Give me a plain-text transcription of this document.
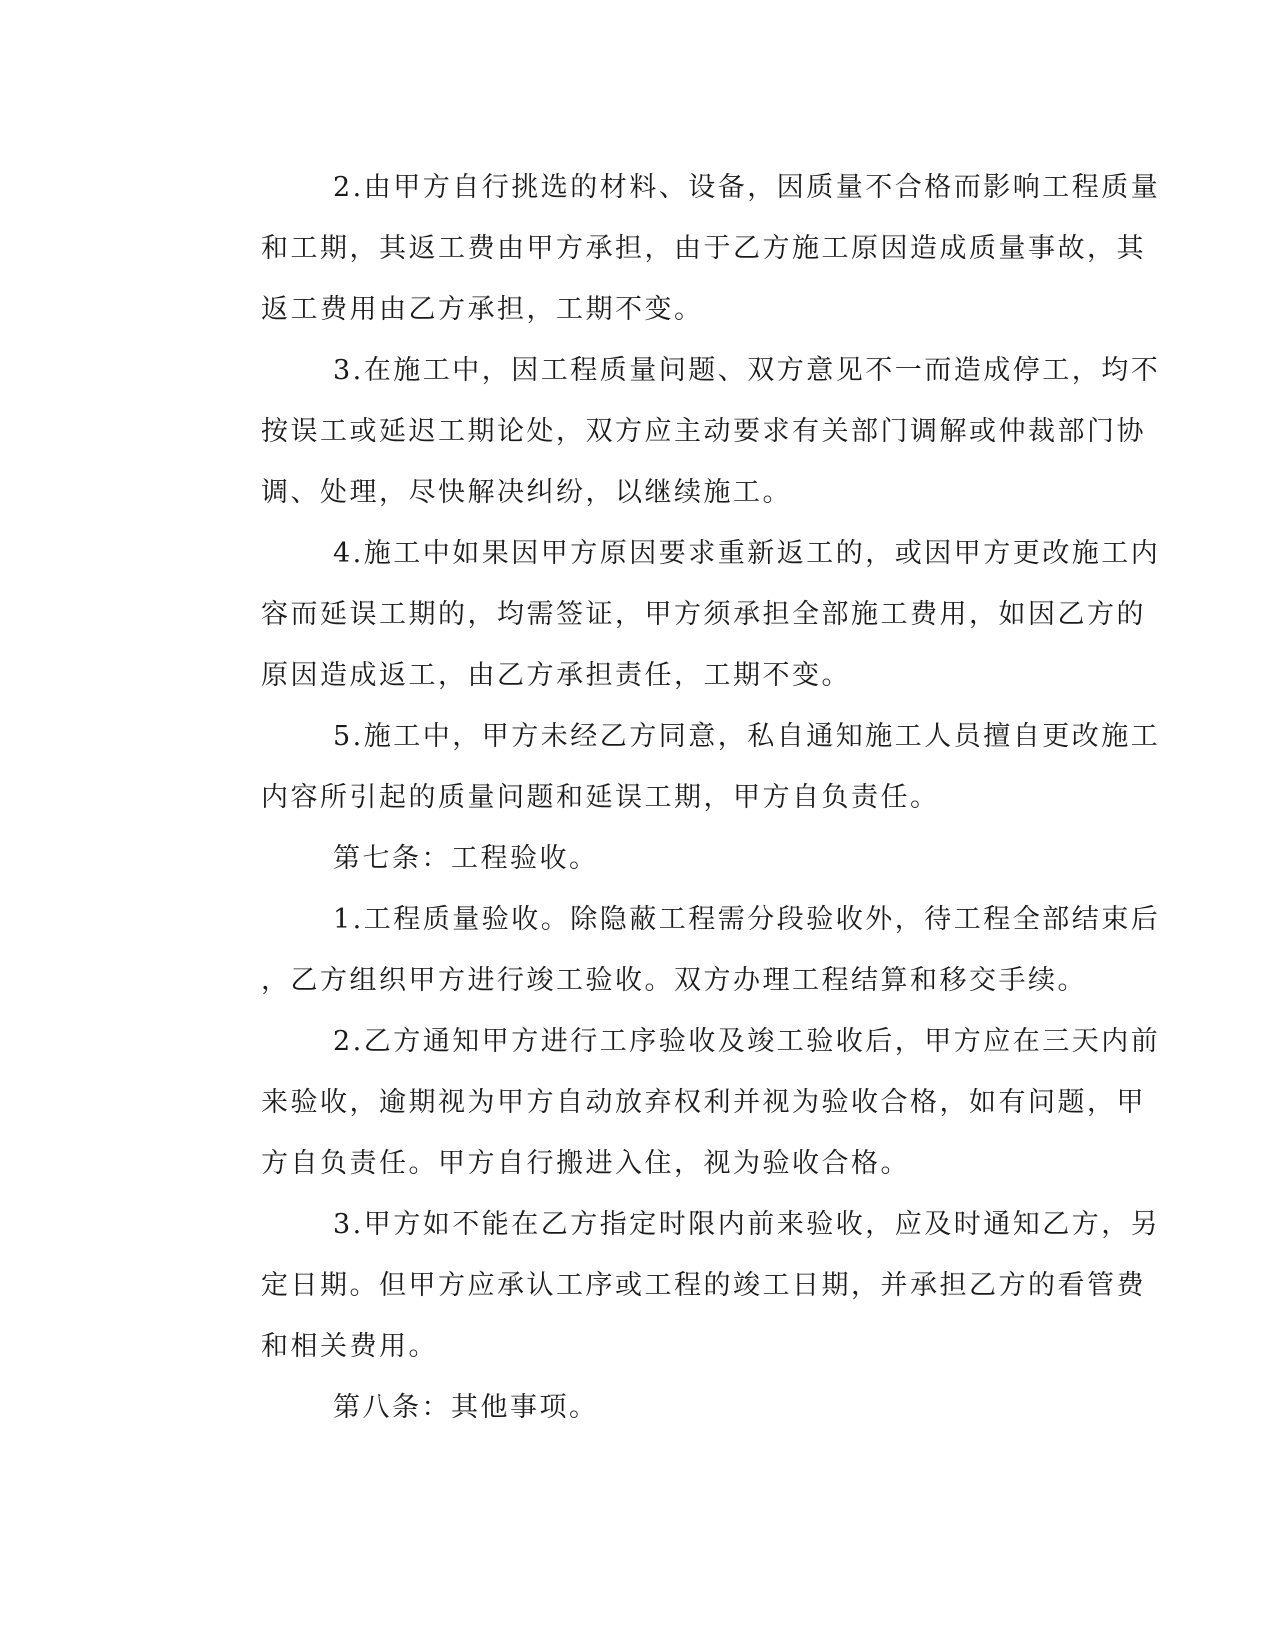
2.由甲方自行挑选的材料、设备，因质量不合格而影响工程质量
和工期，其返工费由甲方承担，由于乙方施工原因造成质量事故，其
返工费用由乙方承担，工期不变。
3.在施工中，因工程质量问题、双方意见不一而造成停工，均不
按误工或延迟工期论处，双方应主动要求有关部门调解或仲裁部门协
调、处理，尽快解决纠纷，以继续施工。
4.施工中如果因甲方原因要求重新返工的，或因甲方更改施工内
容而延误工期的，均需签证，甲方须承担全部施工费用，如因乙方的
原因造成返工，由乙方承担责任，工期不变。
5.施工中，甲方未经乙方同意，私自通知施工人员擅自更改施工
内容所引起的质量问题和延误工期，甲方自负责任。
第七条：工程验收。
1.工程质量验收。除隐蔽工程需分段验收外，待工程全部结束后
，乙方组织甲方进行竣工验收。双方办理工程结算和移交手续。
2.乙方通知甲方进行工序验收及竣工验收后，甲方应在三天内前
来验收，逾期视为甲方自动放弃权利并视为验收合格，如有问题，甲
方自负责任。甲方自行搬进入住，视为验收合格。
3.甲方如不能在乙方指定时限内前来验收，应及时通知乙方，另
定日期。但甲方应承认工序或工程的竣工日期，并承担乙方的看管费
和相关费用。
第八条：其他事项。
